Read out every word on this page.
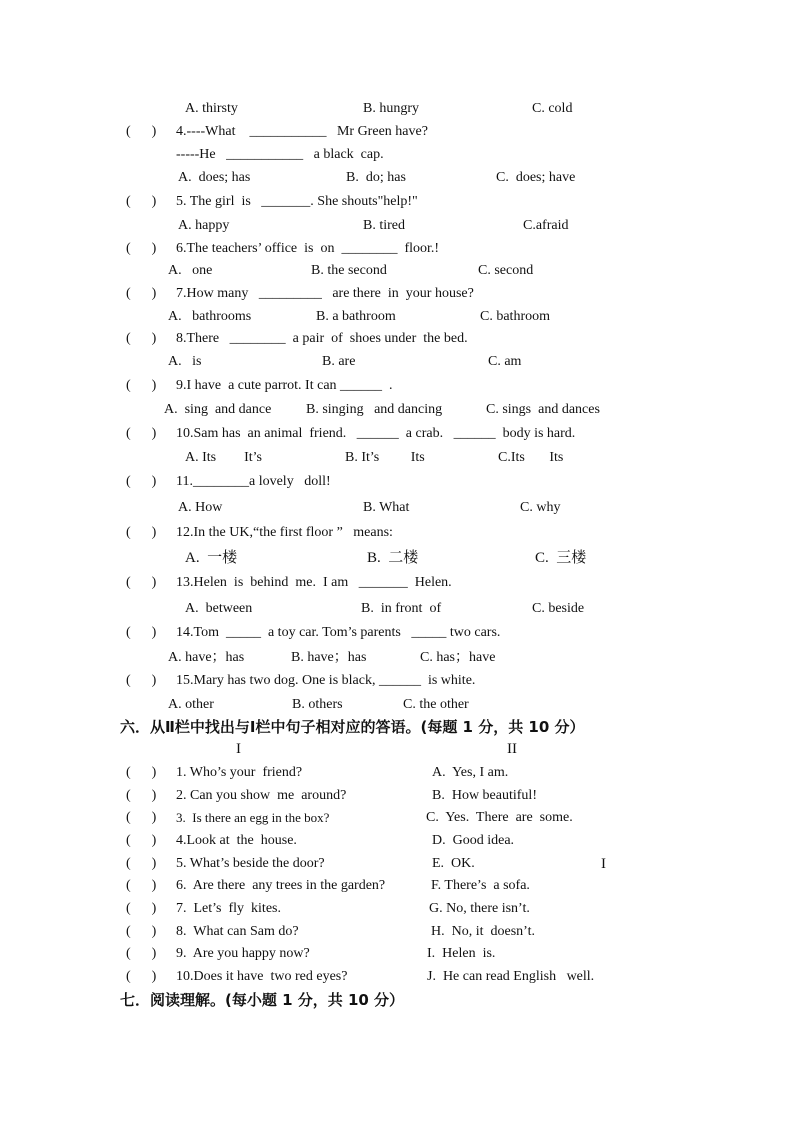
A. thirsty	B. hungry	C. cold
(      ) 4.----What    ___________   Mr Green have?
-----He   ___________   a black  cap.
A.  does; has	B.  do; has	C.  does; have
(      ) 5. The girl  is   _______. She shouts"help!"
A. happy	B. tired	C.afraid
(      ) 6.The teachers’ office  is  on  ________  floor.!
A.   one	B. the second	C. second
(      ) 7.How many   _________   are there  in  your house?
A.   bathrooms	B. a bathroom	C. bathroom
(      ) 8.There   ________  a pair  of  shoes under  the bed.
A.   is	B. are	C. am
(      ) 9.I have  a cute parrot. It can ______  .
A.  sing  and dance B. singing   and dancing	C. sings  and dances
(      ) 10.Sam has  an animal  friend.   ______  a crab.   ______  body is hard.
A. Its        It’s	B. It’s         Its	C.Its       Its
(      ) 11.________a lovely   doll!
A. How	B. What	C. why
(      ) 12.In the UK,“the first floor ”   means:
A.  一楼	B.  二楼	C.  三楼
(      ) 13.Helen  is  behind  me.  I am   _______  Helen.
A.  between	B.  in front  of	C. beside
(      ) 14.Tom  _____  a toy car. Tom’s parents   _____ two cars.
A. have；has	B. have；has	C. has；have
(      ) 15.Mary has two dog. One is black, ______  is white.
A. other	B. others	C. the other
六．从Ⅱ栏中找出与Ⅰ栏中句子相对应的答语。(每题 1 分，共 10 分）
I	II
I
(      ) 1. Who’s your  friend?	A.  Yes, I am.
(      ) 2. Can you show  me  around?	B.  How beautiful!
(      ) 3.  Is there an egg in the box?	C.  Yes.  There  are  some.
(      ) 4.Look at  the  house.	D.  Good idea.
(      ) 5. What’s beside the door?	E.  OK.
(      ) 6.  Are there  any trees in the garden?	F. There’s  a sofa.
(      ) 7.  Let’s  fly  kites.	G. No, there isn’t.
(      ) 8.  What can Sam do?	H.  No, it  doesn’t.
(      ) 9.  Are you happy now?	I.  Helen  is.
(      ) 10.Does it have  two red eyes?	J.  He can read English   well.
七．阅读理解。(每小题 1 分，共 10 分）
